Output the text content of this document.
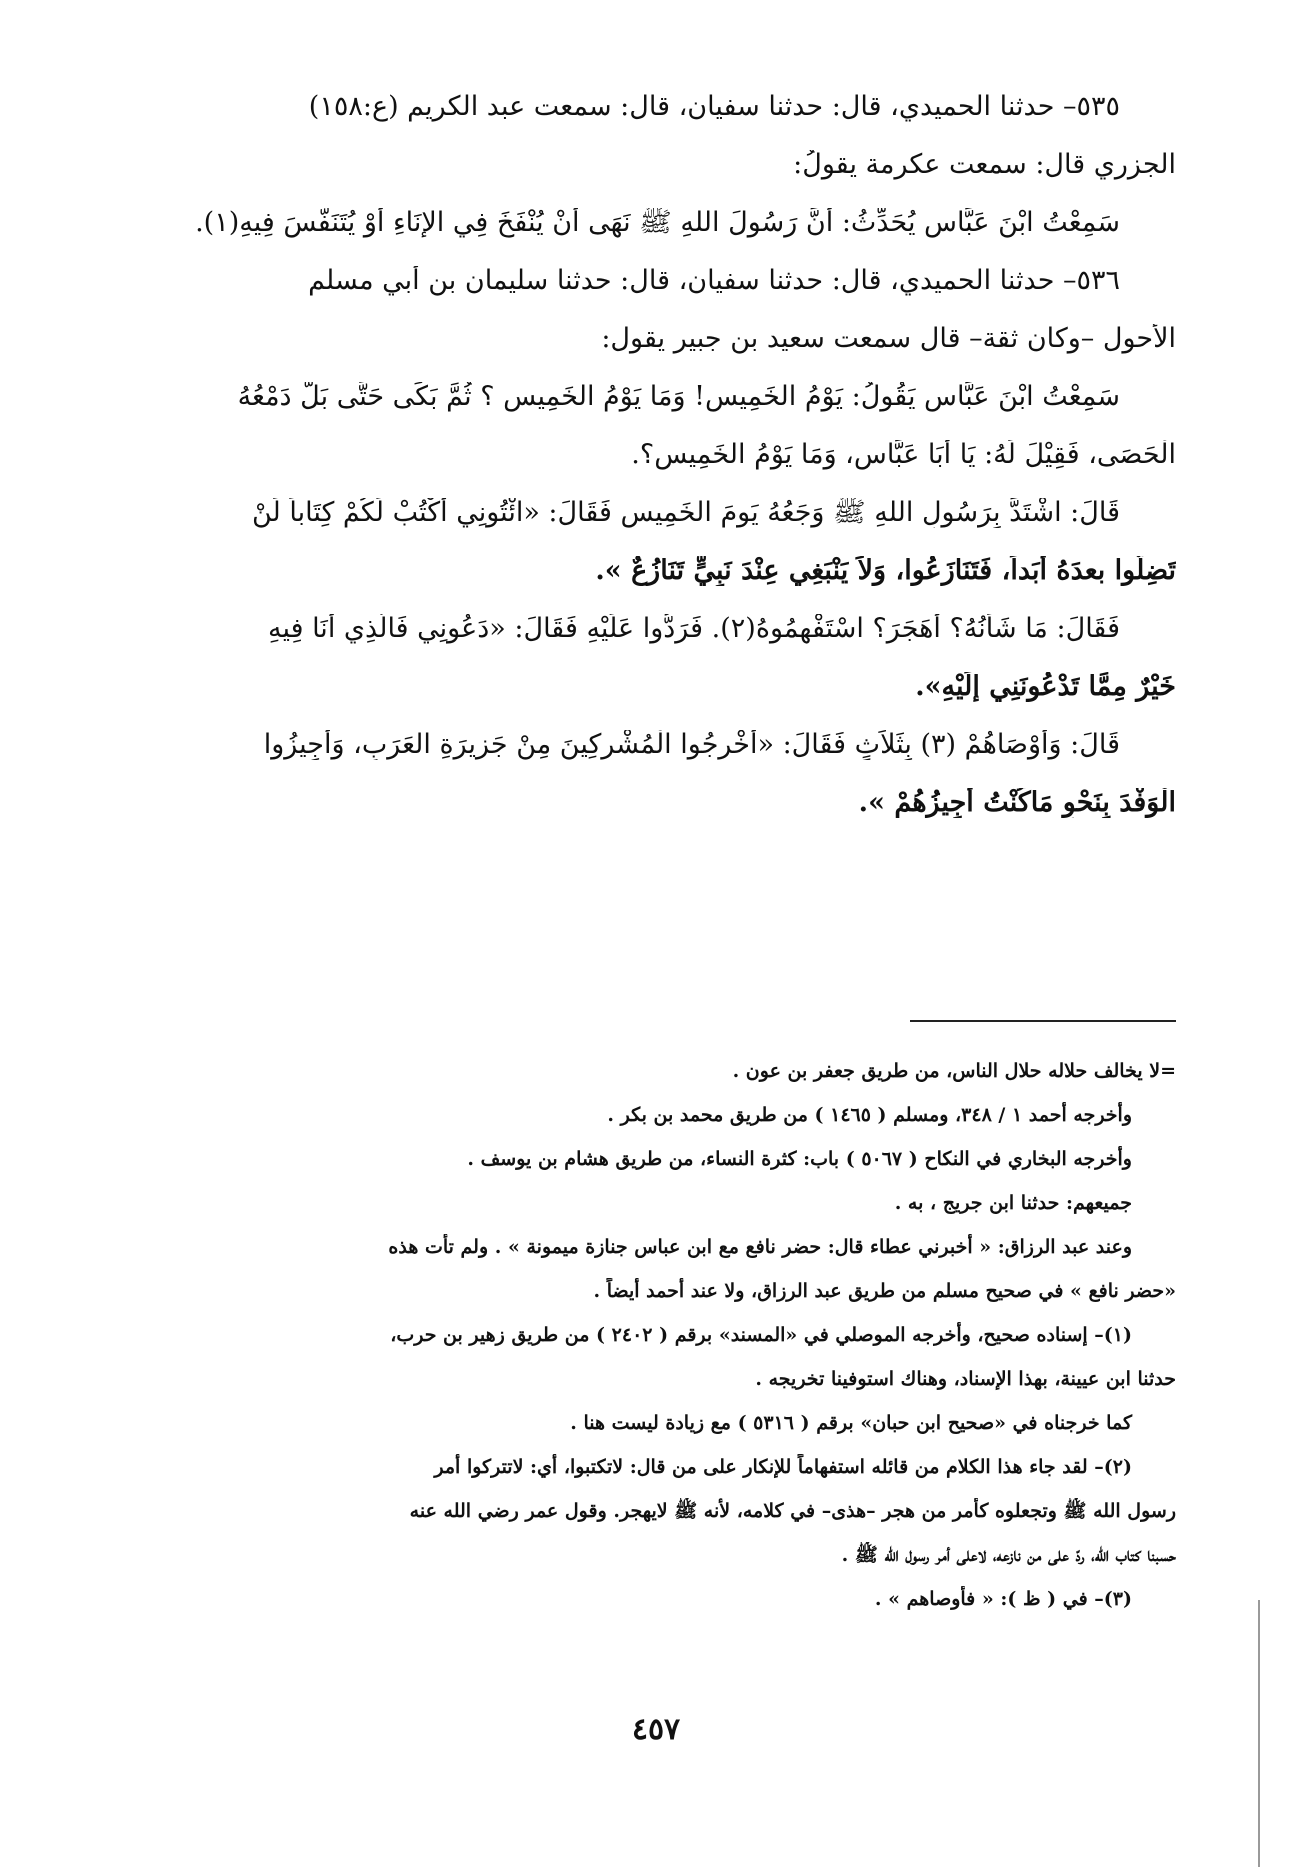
٥٣٥– حدثنا الحميدي، قال: حدثنا سفيان، قال: سمعت عبد الكريم (ع:١٥٨)

الجزري قال: سمعت عكرمة يقولُ:

سَمِعْتُ ابْنَ عَبَّاسٍ يُحَدِّثُ: أَنَّ رَسُولَ اللهِ ﷺ نَهَى أَنْ يُنْفَخَ فِي الإِنَاءِ أَوْ يُتَنَفَّسَ فِيهِ(١).

٥٣٦– حدثنا الحميدي، قال: حدثنا سفيان، قال: حدثنا سليمان بن أبي مسلم

الأحول –وكان ثقة– قال سمعت سعيد بن جبير يقول:

سَمِعْتُ ابْنَ عَبَّاسٍ يَقُولُ: يَوْمُ الخَمِيسِ! وَمَا يَوْمُ الخَمِيسِ ؟ ثُمَّ بَكَى حَتَّى بَلَّ دَمْعُهُ

الْحَصَى، فَقِيْلَ لَهُ: يَا أَبَا عَبَّاسٍ، وَمَا يَوْمُ الخَمِيسِ؟.

قَالَ: اشْتَدَّ بِرَسُولِ اللهِ ﷺ وَجَعُهُ يَومَ الخَمِيسِ فَقَالَ: «ائْتُونِي أَكْتُبْ لَكُمْ كِتَاباً لَنْ

تَضِلُّوا بعدَهُ أَبَداً، فَتَنَازَعُوا، وَلاَ يَنْبَغِي عِنْدَ نَبِيٍّ تَنَازُعٌ ».

فَقَالَ: مَا شَأْنُهُ؟ أَهَجَرَ؟ اسْتَفْهِمُوهُ(٢). فَرَدُّوا عَلَيْهِ فَقَالَ: «دَعُونِي فَالَّذِي أَنَا فِيهِ

خَيْرٌ مِمَّا تَدْعُونَنِي إِلَيْهِ».

قَالَ: وَأَوْصَاهُمْ (٣) بِثَلاَثٍ فَقَالَ: «أَخْرِجُوا الْمُشْرِكِينَ مِنْ جَزِيرَةِ العَرَبِ، وَأَجِيزُوا

الْوَفْدَ بِنَحْوِ مَاكُنْتُ أُجِيزُهُمْ ».

=لا يخالف حلاله حلال الناس، من طريق جعفر بن عون .

وأخرجه أحمد ١ / ٣٤٨، ومسلم ( ١٤٦٥ ) من طريق محمد بن بكر .

وأخرجه البخاري في النكاح ( ٥٠٦٧ ) باب: كثرة النساء، من طريق هشام بن يوسف .

جميعهم: حدثنا ابن جريج ، به .

وعند عبد الرزاق: « أخبرني عطاء قال: حضر نافع مع ابن عباس جنازة ميمونة » . ولم تأت هذه

«حضر نافع » في صحيح مسلم من طريق عبد الرزاق، ولا عند أحمد أيضاً .

(١)– إسناده صحيح، وأخرجه الموصلي في «المسند» برقم ( ٢٤٠٢ ) من طريق زهير بن حرب،

حدثنا ابن عيينة، بهذا الإسناد، وهناك استوفينا تخريجه .

كما خرجناه في «صحيح ابن حبان» برقم ( ٥٣١٦ ) مع زيادة ليست هنا .

(٢)– لقد جاء هذا الكلام من قائله استفهاماً للإنكار على من قال: لاتكتبوا، أي: لاتتركوا أمر

رسول الله ﷺ وتجعلوه كأمر من هجر –هذى– في كلامه، لأنه ﷺ لايهجر. وقول عمر رضي الله عنه

حسبنا كتاب الله، ردّ على من نازعه، لاعلى أمر رسول الله ﷺ .

(٣)– في ( ظ ): « فأوصاهم » .

٤٥٧
